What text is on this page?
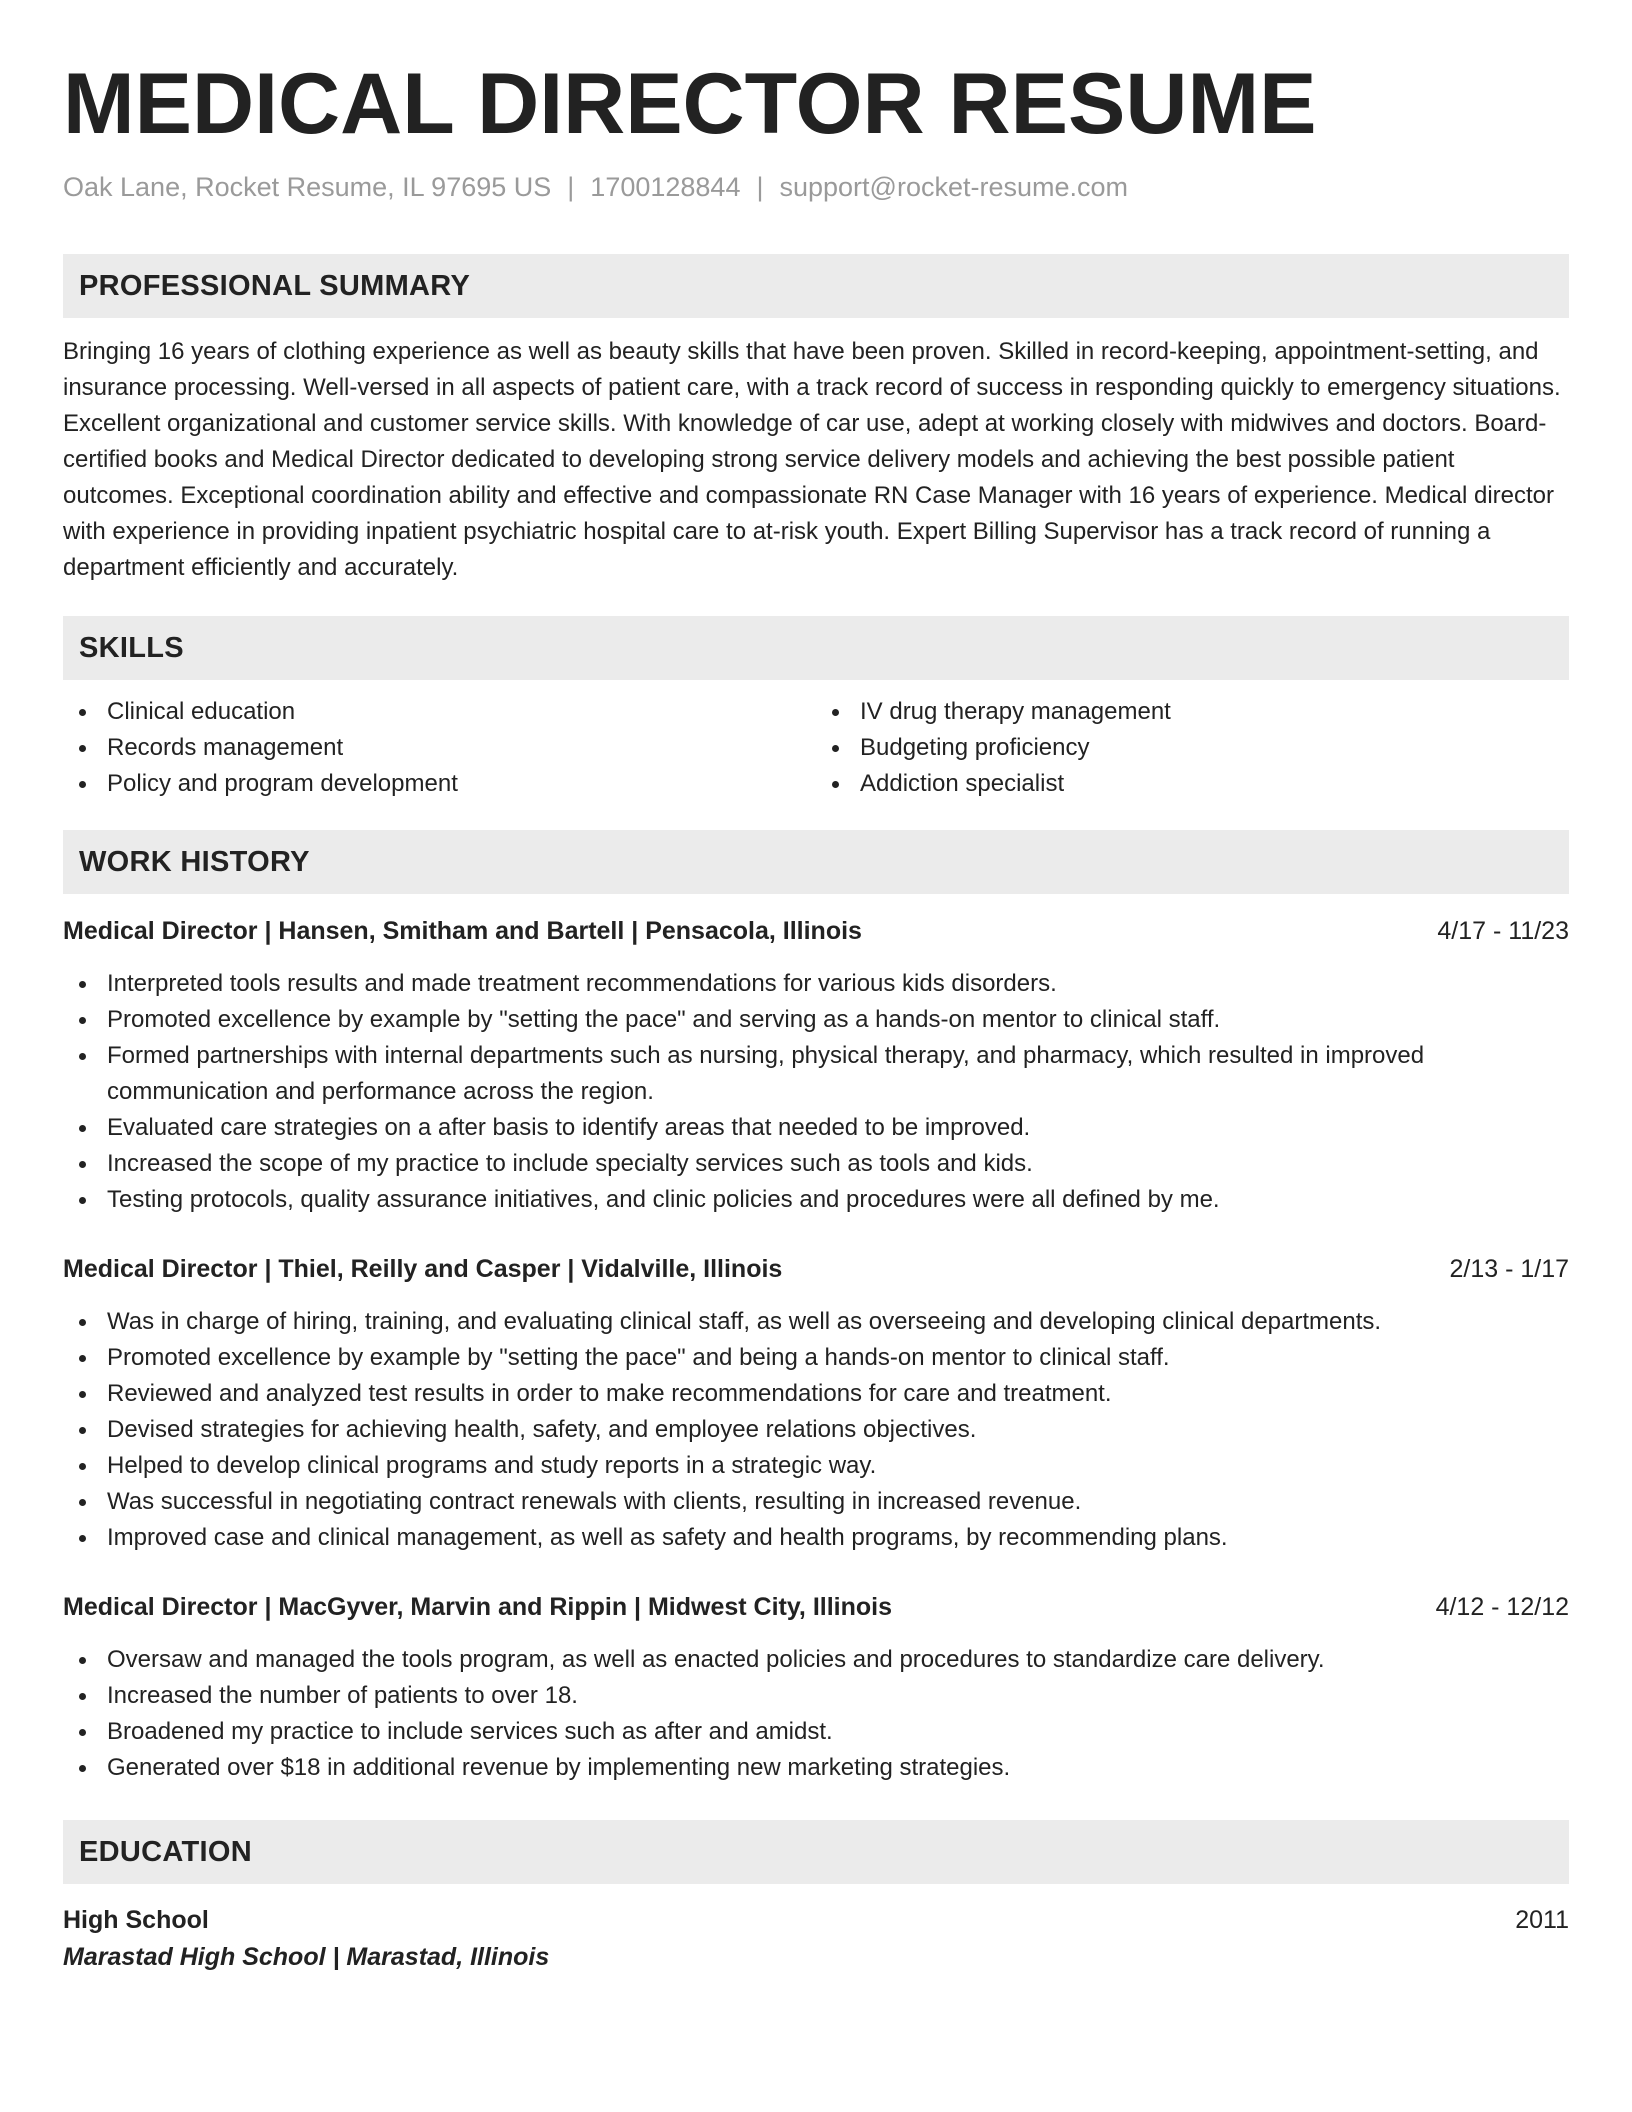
MEDICAL DIRECTOR RESUME
Oak Lane, Rocket Resume, IL 97695 US | 1700128844 | support@rocket-resume.com
PROFESSIONAL SUMMARY
Bringing 16 years of clothing experience as well as beauty skills that have been proven. Skilled in record-keeping, appointment-setting, and insurance processing. Well-versed in all aspects of patient care, with a track record of success in responding quickly to emergency situations. Excellent organizational and customer service skills. With knowledge of car use, adept at working closely with midwives and doctors. Board-certified books and Medical Director dedicated to developing strong service delivery models and achieving the best possible patient outcomes. Exceptional coordination ability and effective and compassionate RN Case Manager with 16 years of experience. Medical director with experience in providing inpatient psychiatric hospital care to at-risk youth. Expert Billing Supervisor has a track record of running a department efficiently and accurately.
SKILLS
Clinical education
Records management
Policy and program development
IV drug therapy management
Budgeting proficiency
Addiction specialist
WORK HISTORY
Medical Director | Hansen, Smitham and Bartell | Pensacola, Illinois	4/17 - 11/23
Interpreted tools results and made treatment recommendations for various kids disorders.
Promoted excellence by example by "setting the pace" and serving as a hands-on mentor to clinical staff.
Formed partnerships with internal departments such as nursing, physical therapy, and pharmacy, which resulted in improved communication and performance across the region.
Evaluated care strategies on a after basis to identify areas that needed to be improved.
Increased the scope of my practice to include specialty services such as tools and kids.
Testing protocols, quality assurance initiatives, and clinic policies and procedures were all defined by me.
Medical Director | Thiel, Reilly and Casper | Vidalville, Illinois	2/13 - 1/17
Was in charge of hiring, training, and evaluating clinical staff, as well as overseeing and developing clinical departments.
Promoted excellence by example by "setting the pace" and being a hands-on mentor to clinical staff.
Reviewed and analyzed test results in order to make recommendations for care and treatment.
Devised strategies for achieving health, safety, and employee relations objectives.
Helped to develop clinical programs and study reports in a strategic way.
Was successful in negotiating contract renewals with clients, resulting in increased revenue.
Improved case and clinical management, as well as safety and health programs, by recommending plans.
Medical Director | MacGyver, Marvin and Rippin | Midwest City, Illinois	4/12 - 12/12
Oversaw and managed the tools program, as well as enacted policies and procedures to standardize care delivery.
Increased the number of patients to over 18.
Broadened my practice to include services such as after and amidst.
Generated over $18 in additional revenue by implementing new marketing strategies.
EDUCATION
High School	2011
Marastad High School | Marastad, Illinois
